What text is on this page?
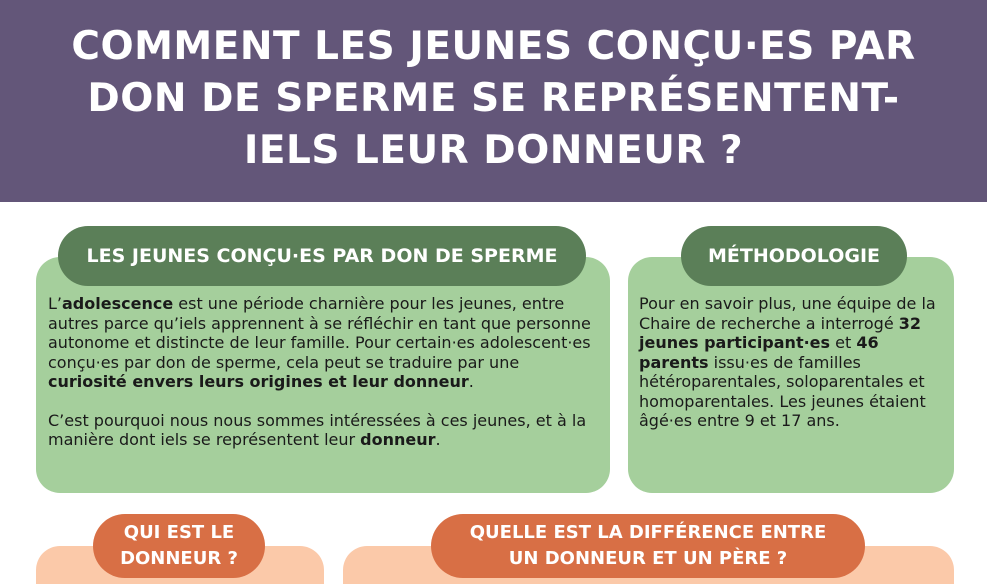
COMMENT LES JEUNES CONÇU·ES PAR DON DE SPERME SE REPRÉSENTENT-IELS LEUR DONNEUR ?
LES JEUNES CONÇU·ES PAR DON DE SPERME
L’adolescence est une période charnière pour les jeunes, entre autres parce qu’iels apprennent à se réfléchir en tant que personne autonome et distincte de leur famille. Pour certain·es adolescent·es conçu·es par don de sperme, cela peut se traduire par une curiosité envers leurs origines et leur donneur.
C’est pourquoi nous nous sommes intéressées à ces jeunes, et à la manière dont iels se représentent leur donneur.
MÉTHODOLOGIE
Pour en savoir plus, une équipe de la Chaire de recherche a interrogé 32 jeunes participant·es et 46 parents issu·es de familles hétéroparentales, soloparentales et homoparentales. Les jeunes étaient âgé·es entre 9 et 17 ans.
QUI EST LE
DONNEUR ?
QUELLE EST LA DIFFÉRENCE ENTRE
UN DONNEUR ET UN PÈRE ?
